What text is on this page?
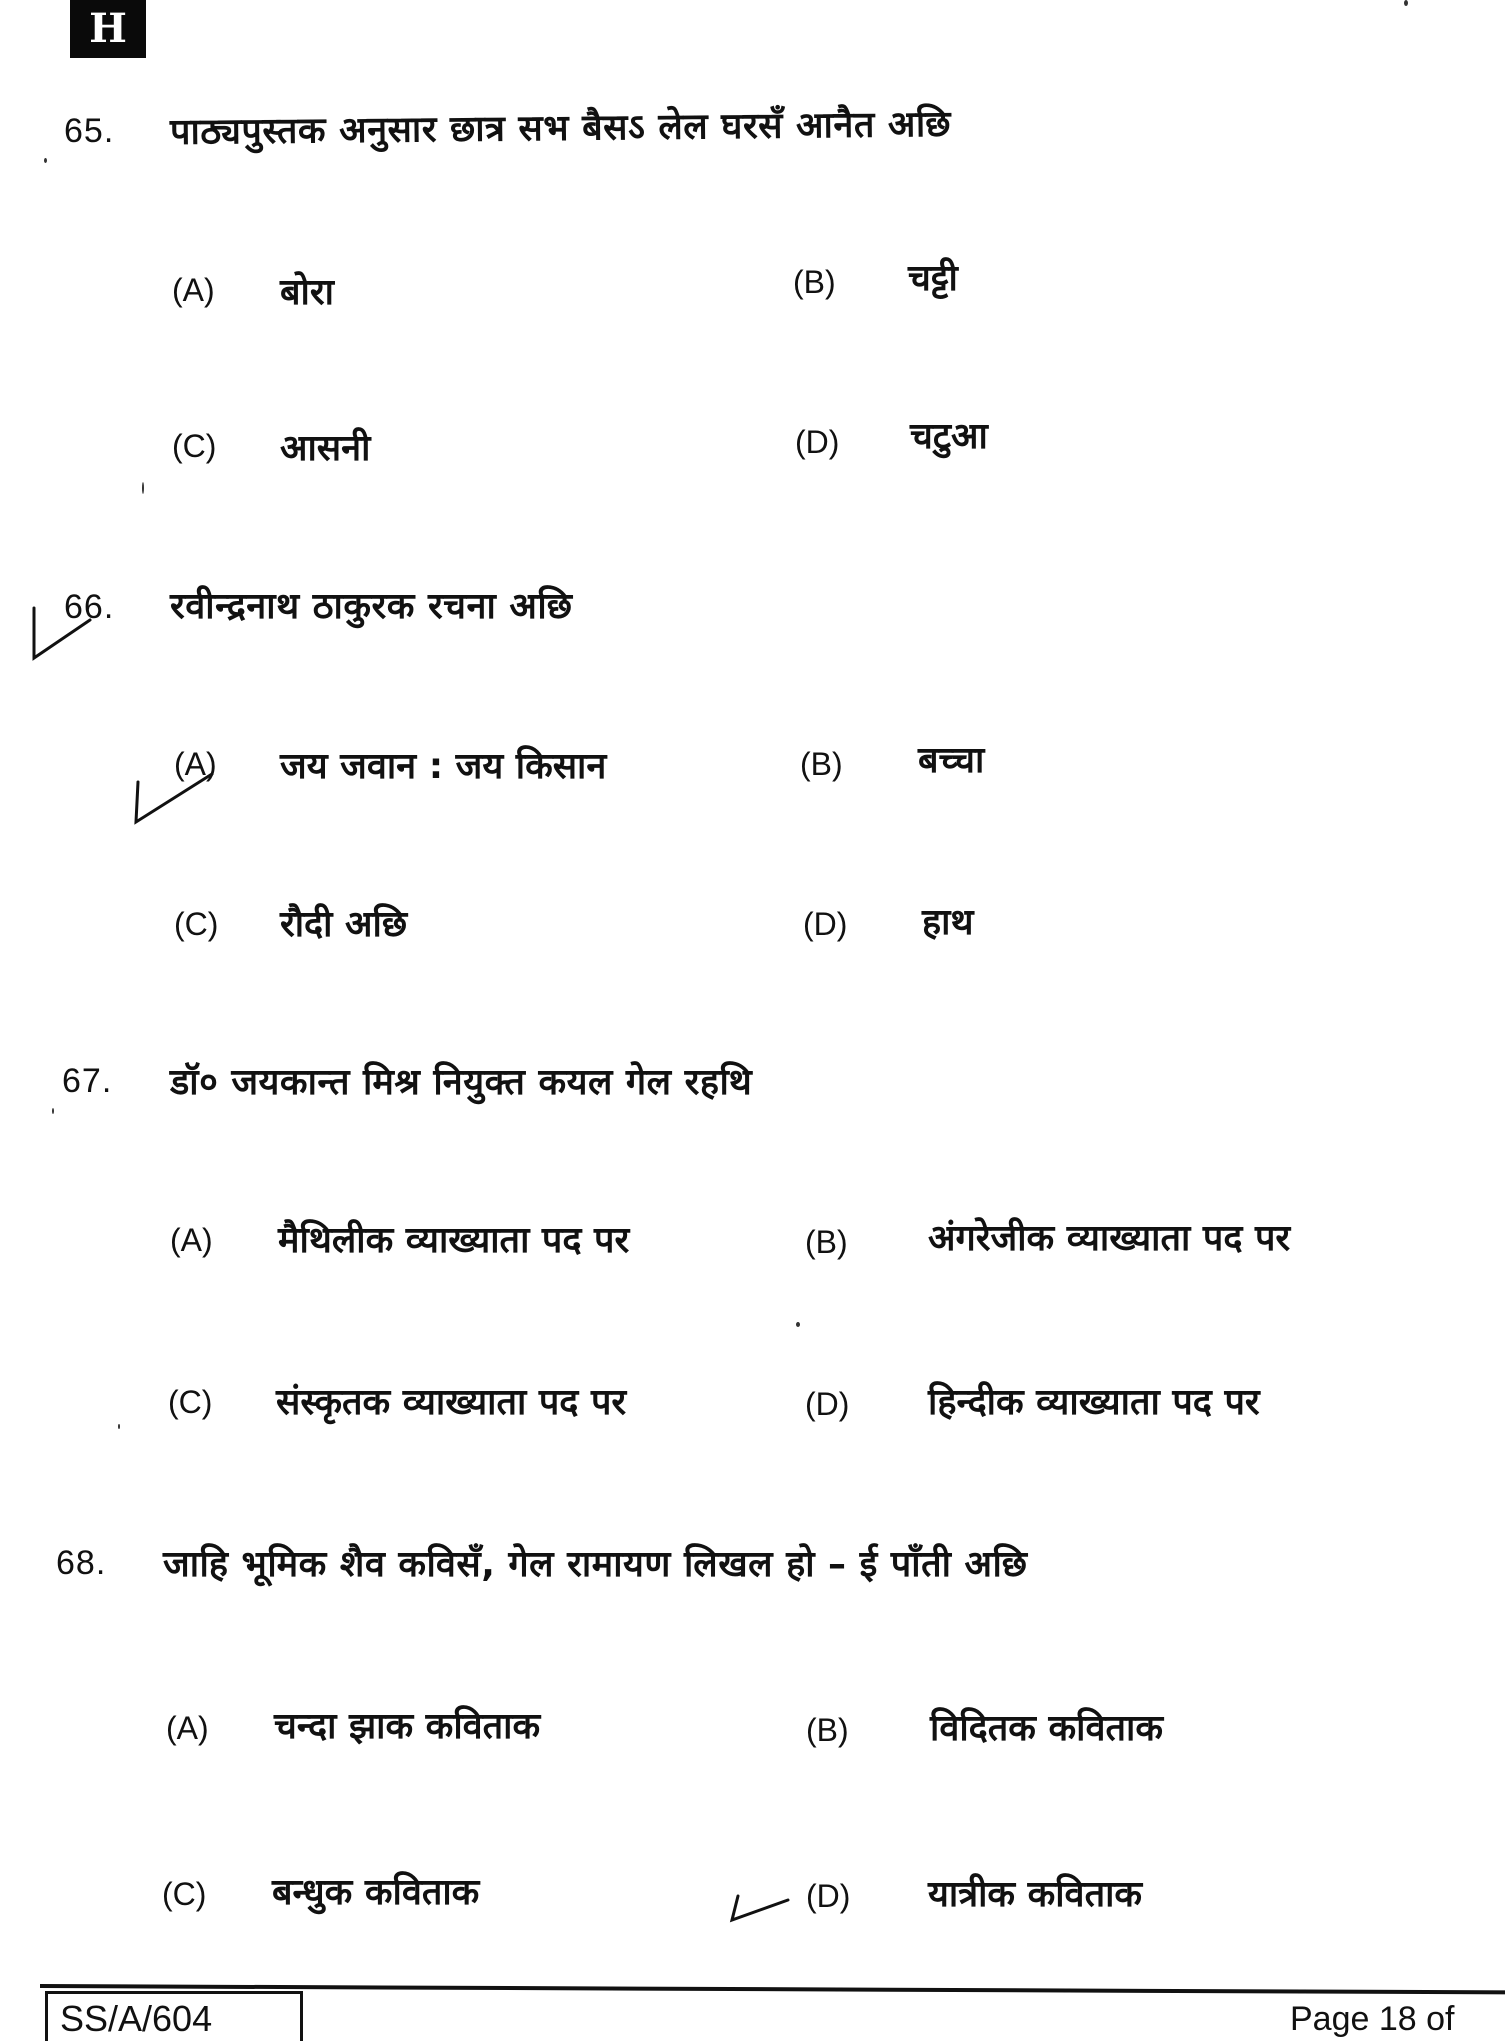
H
65. पाठ्यपुस्तक अनुसार छात्र सभ बैसऽ लेल घरसँ आनैत अछि
(A) बोरा	(B) चट्टी
(C) आसनी	(D) चटुआ
66. रवीन्द्रनाथ ठाकुरक रचना अछि
(A) जय जवान : जय किसान	(B) बच्चा
(C) रौदी अछि	(D) हाथ
67. डॉ० जयकान्त मिश्र नियुक्त कयल गेल रहथि
(A) मैथिलीक व्याख्याता पद पर	(B) अंगरेजीक व्याख्याता पद पर
(C) संस्कृतक व्याख्याता पद पर	(D) हिन्दीक व्याख्याता पद पर
68. जाहि भूमिक शैव कविसँ, गेल रामायण लिखल हो – ई पाँती अछि
(A) चन्दा झाक कविताक	(B) विदितक कविताक
(C) बन्धुक कविताक	(D) यात्रीक कविताक
SS/A/604	Page 18 of
